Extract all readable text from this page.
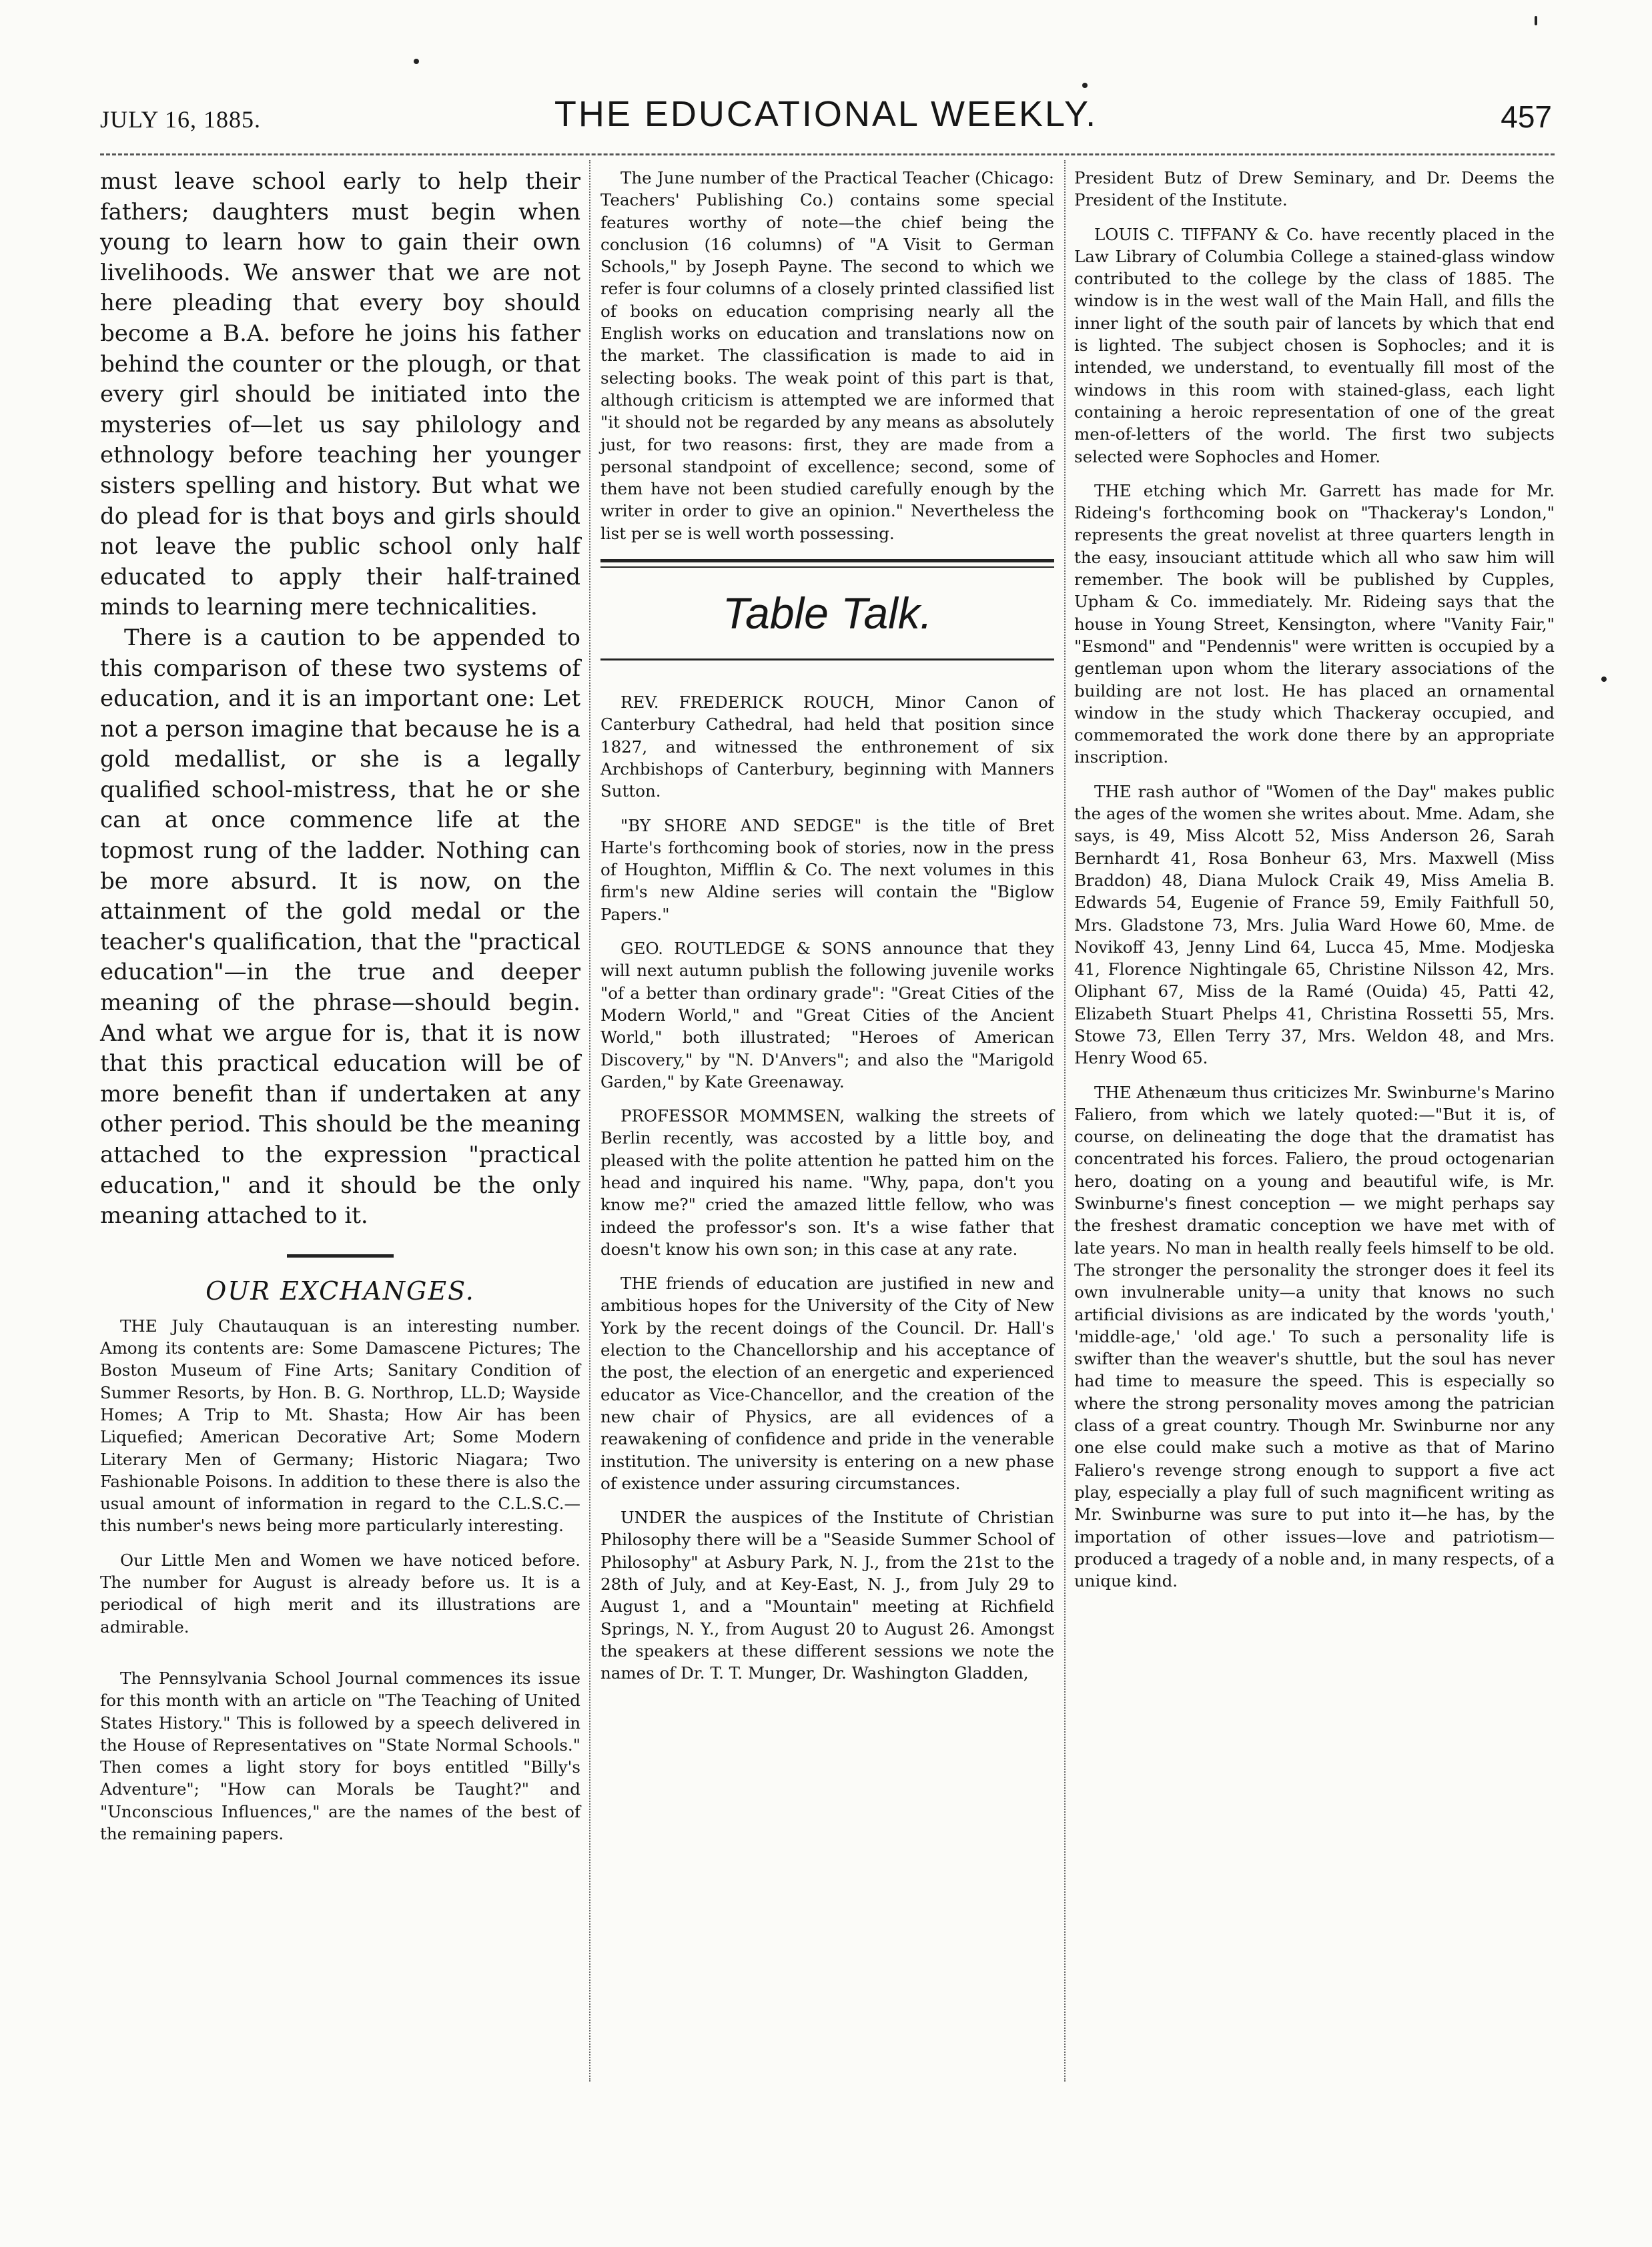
JULY 16, 1885.	THE EDUCATIONAL WEEKLY.	457

must leave school early to help their fathers; daughters must begin when young to learn how to gain their own livelihoods. We answer that we are not here pleading that every boy should become a B.A. before he joins his father behind the counter or the plough, or that every girl should be initiated into the mysteries of—let us say philology and ethnology before teaching her younger sisters spelling and history. But what we do plead for is that boys and girls should not leave the public school only half educated to apply their half-trained minds to learning mere technicalities.

There is a caution to be appended to this comparison of these two systems of education, and it is an important one: Let not a person imagine that because he is a gold medallist, or she is a legally qualified school-mistress, that he or she can at once commence life at the topmost rung of the ladder. Nothing can be more absurd. It is now, on the attainment of the gold medal or the teacher's qualification, that the "practical education"—in the true and deeper meaning of the phrase—should begin. And what we argue for is, that it is now that this practical education will be of more benefit than if undertaken at any other period. This should be the meaning attached to the expression "practical education," and it should be the only meaning attached to it.

OUR EXCHANGES.

THE July Chautauquan is an interesting number. Among its contents are: Some Damascene Pictures; The Boston Museum of Fine Arts; Sanitary Condition of Summer Resorts, by Hon. B. G. Northrop, LL.D; Wayside Homes; A Trip to Mt. Shasta; How Air has been Liquefied; American Decorative Art; Some Modern Literary Men of Germany; Historic Niagara; Two Fashionable Poisons. In addition to these there is also the usual amount of information in regard to the C.L.S.C.—this number's news being more particularly interesting.

Our Little Men and Women we have noticed before. The number for August is already before us. It is a periodical of high merit and its illustrations are admirable.

The Pennsylvania School Journal commences its issue for this month with an article on "The Teaching of United States History." This is followed by a speech delivered in the House of Representatives on "State Normal Schools." Then comes a light story for boys entitled "Billy's Adventure"; "How can Morals be Taught?" and "Unconscious Influences," are the names of the best of the remaining papers.

The June number of the Practical Teacher (Chicago: Teachers' Publishing Co.) contains some special features worthy of note—the chief being the conclusion (16 columns) of "A Visit to German Schools," by Joseph Payne. The second to which we refer is four columns of a closely printed classified list of books on education comprising nearly all the English works on education and translations now on the market. The classification is made to aid in selecting books. The weak point of this part is that, although criticism is attempted we are informed that "it should not be regarded by any means as absolutely just, for two reasons: first, they are made from a personal standpoint of excellence; second, some of them have not been studied carefully enough by the writer in order to give an opinion." Nevertheless the list per se is well worth possessing.

Table Talk.

REV. FREDERICK ROUCH, Minor Canon of Canterbury Cathedral, had held that position since 1827, and witnessed the enthronement of six Archbishops of Canterbury, beginning with Manners Sutton.

"BY SHORE AND SEDGE" is the title of Bret Harte's forthcoming book of stories, now in the press of Houghton, Mifflin & Co. The next volumes in this firm's new Aldine series will contain the "Biglow Papers."

GEO. ROUTLEDGE & SONS announce that they will next autumn publish the following juvenile works "of a better than ordinary grade": "Great Cities of the Modern World," and "Great Cities of the Ancient World," both illustrated; "Heroes of American Discovery," by "N. D'Anvers"; and also the "Marigold Garden," by Kate Greenaway.

PROFESSOR MOMMSEN, walking the streets of Berlin recently, was accosted by a little boy, and pleased with the polite attention he patted him on the head and inquired his name. "Why, papa, don't you know me?" cried the amazed little fellow, who was indeed the professor's son. It's a wise father that doesn't know his own son; in this case at any rate.

THE friends of education are justified in new and ambitious hopes for the University of the City of New York by the recent doings of the Council. Dr. Hall's election to the Chancellorship and his acceptance of the post, the election of an energetic and experienced educator as Vice-Chancellor, and the creation of the new chair of Physics, are all evidences of a reawakening of confidence and pride in the venerable institution. The university is entering on a new phase of existence under assuring circumstances.

UNDER the auspices of the Institute of Christian Philosophy there will be a "Seaside Summer School of Philosophy" at Asbury Park, N. J., from the 21st to the 28th of July, and at Key-East, N. J., from July 29 to August 1, and a "Mountain" meeting at Richfield Springs, N. Y., from August 20 to August 26. Amongst the speakers at these different sessions we note the names of Dr. T. T. Munger, Dr. Washington Gladden,

President Butz of Drew Seminary, and Dr. Deems the President of the Institute.

LOUIS C. TIFFANY & Co. have recently placed in the Law Library of Columbia College a stained-glass window contributed to the college by the class of 1885. The window is in the west wall of the Main Hall, and fills the inner light of the south pair of lancets by which that end is lighted. The subject chosen is Sophocles; and it is intended, we understand, to eventually fill most of the windows in this room with stained-glass, each light containing a heroic representation of one of the great men-of-letters of the world. The first two subjects selected were Sophocles and Homer.

THE etching which Mr. Garrett has made for Mr. Rideing's forthcoming book on "Thackeray's London," represents the great novelist at three quarters length in the easy, insouciant attitude which all who saw him will remember. The book will be published by Cupples, Upham & Co. immediately. Mr. Rideing says that the house in Young Street, Kensington, where "Vanity Fair," "Esmond" and "Pendennis" were written is occupied by a gentleman upon whom the literary associations of the building are not lost. He has placed an ornamental window in the study which Thackeray occupied, and commemorated the work done there by an appropriate inscription.

THE rash author of "Women of the Day" makes public the ages of the women she writes about. Mme. Adam, she says, is 49, Miss Alcott 52, Miss Anderson 26, Sarah Bernhardt 41, Rosa Bonheur 63, Mrs. Maxwell (Miss Braddon) 48, Diana Mulock Craik 49, Miss Amelia B. Edwards 54, Eugenie of France 59, Emily Faithfull 50, Mrs. Gladstone 73, Mrs. Julia Ward Howe 60, Mme. de Novikoff 43, Jenny Lind 64, Lucca 45, Mme. Modjeska 41, Florence Nightingale 65, Christine Nilsson 42, Mrs. Oliphant 67, Miss de la Ramé (Ouida) 45, Patti 42, Elizabeth Stuart Phelps 41, Christina Rossetti 55, Mrs. Stowe 73, Ellen Terry 37, Mrs. Weldon 48, and Mrs. Henry Wood 65.

THE Athenæum thus criticizes Mr. Swinburne's Marino Faliero, from which we lately quoted:—"But it is, of course, on delineating the doge that the dramatist has concentrated his forces. Faliero, the proud octogenarian hero, doating on a young and beautiful wife, is Mr. Swinburne's finest conception — we might perhaps say the freshest dramatic conception we have met with of late years. No man in health really feels himself to be old. The stronger the personality the stronger does it feel its own invulnerable unity—a unity that knows no such artificial divisions as are indicated by the words 'youth,' 'middle-age,' 'old age.' To such a personality life is swifter than the weaver's shuttle, but the soul has never had time to measure the speed. This is especially so where the strong personality moves among the patrician class of a great country. Though Mr. Swinburne nor any one else could make such a motive as that of Marino Faliero's revenge strong enough to support a five act play, especially a play full of such magnificent writing as Mr. Swinburne was sure to put into it—he has, by the importation of other issues—love and patriotism—produced a tragedy of a noble and, in many respects, of a unique kind.
